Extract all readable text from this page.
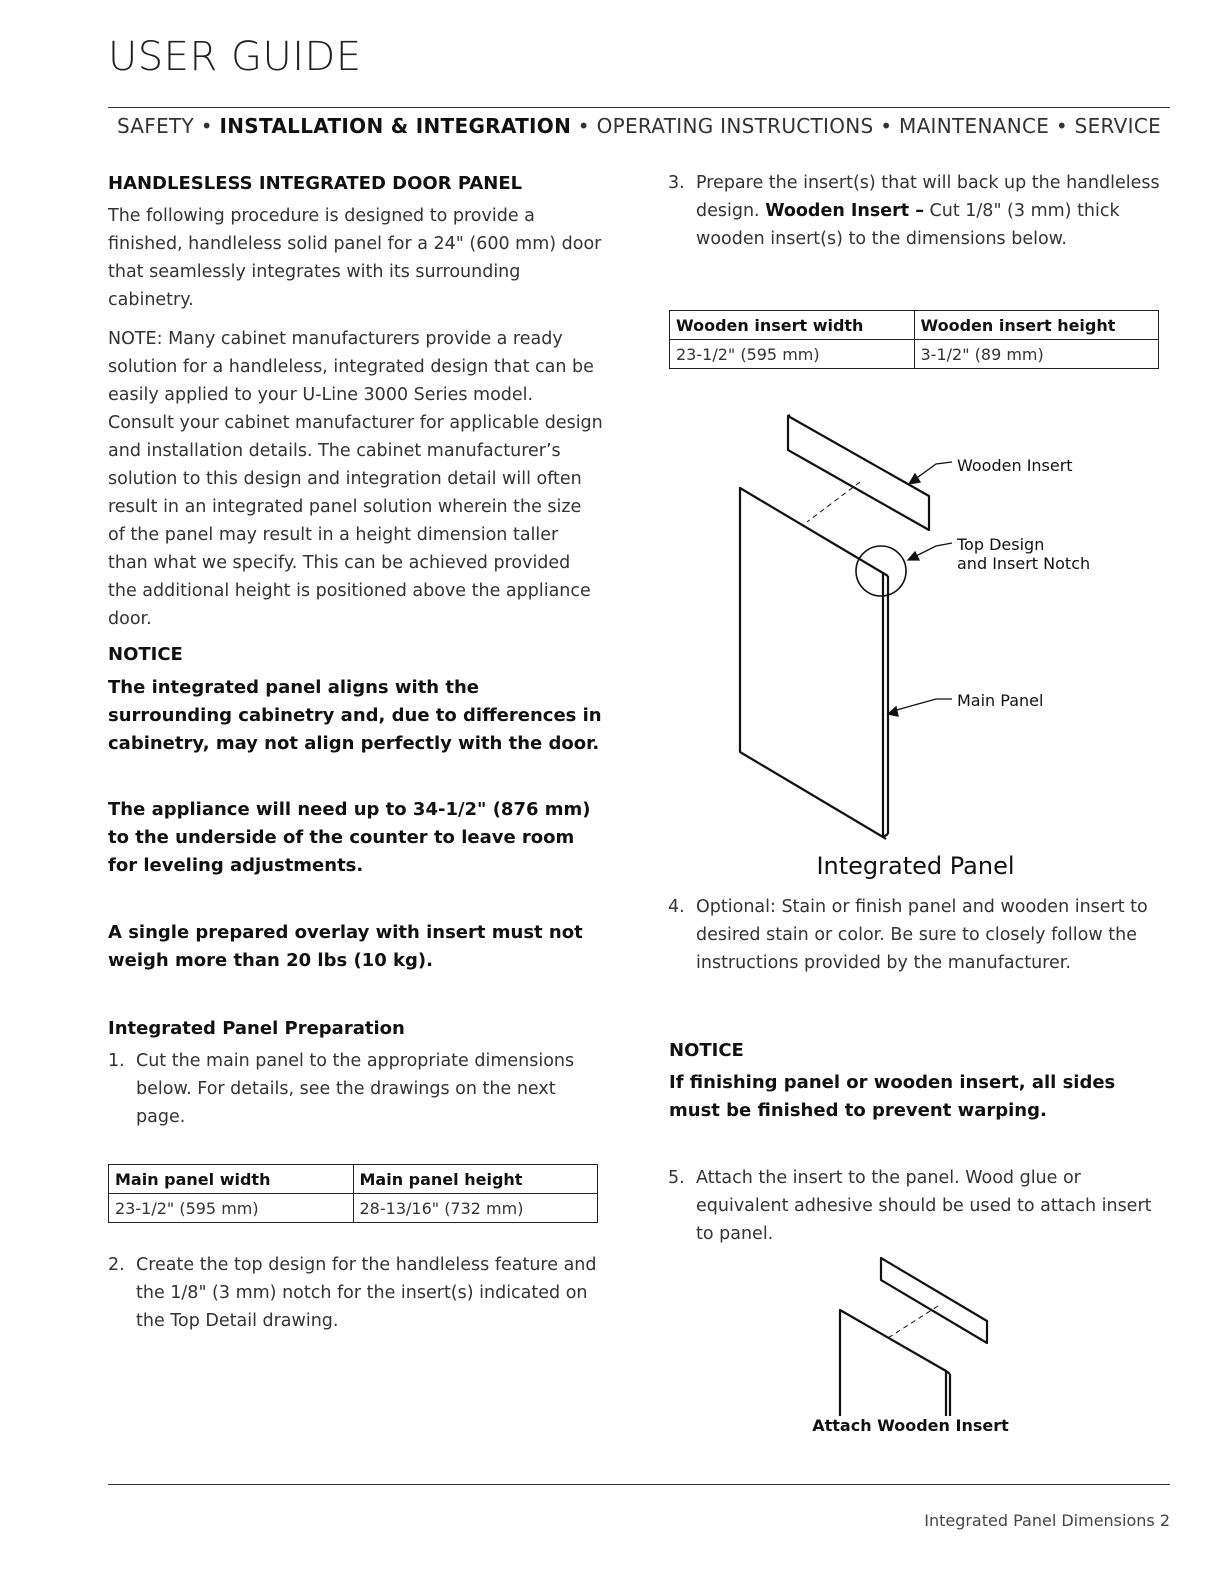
USER GUIDE
SAFETY • INSTALLATION & INTEGRATION • OPERATING INSTRUCTIONS • MAINTENANCE • SERVICE
HANDLESLESS INTEGRATED DOOR PANEL
The following procedure is designed to provide a finished, handleless solid panel for a 24" (600 mm) door that seamlessly integrates with its surrounding cabinetry.
NOTE: Many cabinet manufacturers provide a ready solution for a handleless, integrated design that can be easily applied to your U-Line 3000 Series model. Consult your cabinet manufacturer for applicable design and installation details. The cabinet manufacturer’s solution to this design and integration detail will often result in an integrated panel solution wherein the size of the panel may result in a height dimension taller than what we specify. This can be achieved provided the additional height is positioned above the appliance door.
NOTICE
The integrated panel aligns with the surrounding cabinetry and, due to differences in cabinetry, may not align perfectly with the door.
The appliance will need up to 34-1/2" (876 mm) to the underside of the counter to leave room for leveling adjustments.
A single prepared overlay with insert must not weigh more than 20 lbs (10 kg).
Integrated Panel Preparation
1. Cut the main panel to the appropriate dimensions below. For details, see the drawings on the next page.
Main panel width	Main panel height
23-1/2" (595 mm)	28-13/16" (732 mm)
2. Create the top design for the handleless feature and the 1/8" (3 mm) notch for the insert(s) indicated on the Top Detail drawing.
3. Prepare the insert(s) that will back up the handleless design. Wooden Insert – Cut 1/8" (3 mm) thick wooden insert(s) to the dimensions below.
Wooden insert width	Wooden insert height
23-1/2" (595 mm)	3-1/2" (89 mm)
Wooden Insert
Top Design
and Insert Notch
Main Panel
Integrated Panel
4. Optional: Stain or finish panel and wooden insert to desired stain or color. Be sure to closely follow the instructions provided by the manufacturer.
NOTICE
If finishing panel or wooden insert, all sides must be finished to prevent warping.
5. Attach the insert to the panel. Wood glue or equivalent adhesive should be used to attach insert to panel.
Attach Wooden Insert
Integrated Panel Dimensions 2
